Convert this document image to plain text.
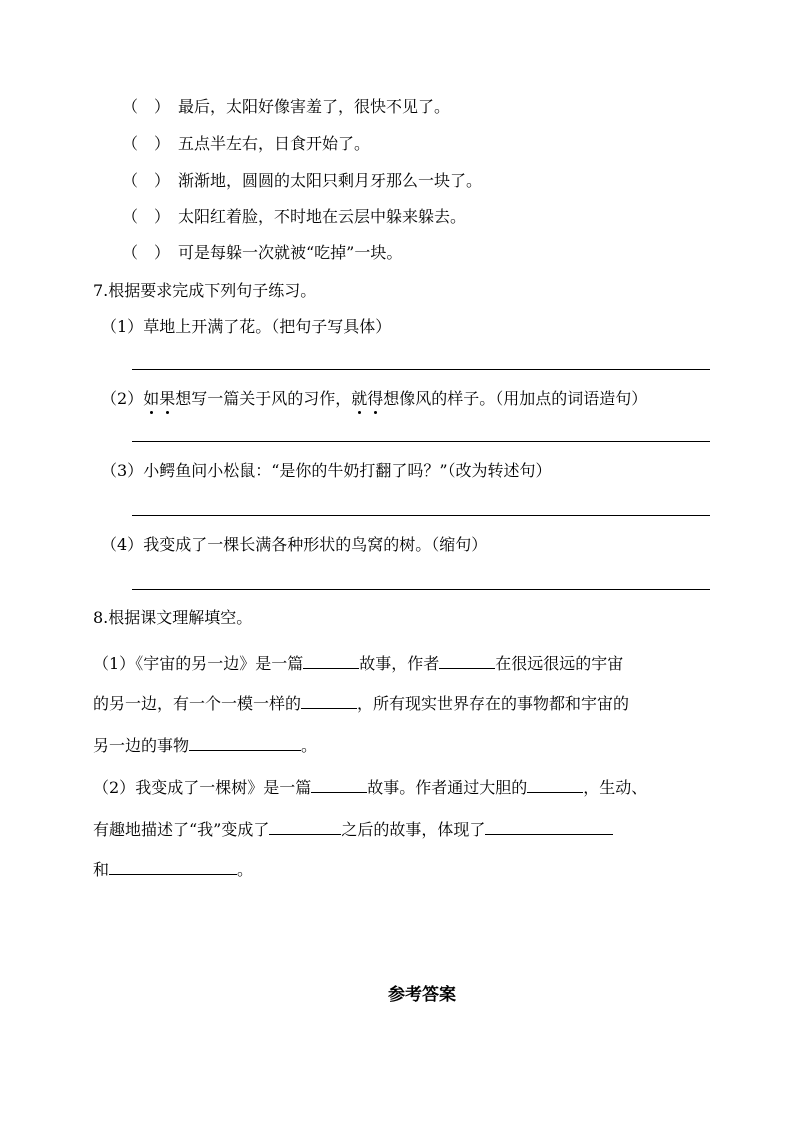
（　） 最后，太阳好像害羞了，很快不见了。
（　） 五点半左右，日食开始了。
（　） 渐渐地，圆圆的太阳只剩月牙那么一块了。
（　） 太阳红着脸，不时地在云层中躲来躲去。
（　） 可是每躲一次就被“吃掉”一块。
7.根据要求完成下列句子练习。
（1）草地上开满了花。（把句子写具体）
（2）如果想写一篇关于风的习作，就得想像风的样子。（用加点的词语造句）
（3）小鳄鱼问小松鼠：“是你的牛奶打翻了吗？”（改为转述句）
（4）我变成了一棵长满各种形状的鸟窝的树。（缩句）
8.根据课文理解填空。
（1）《宇宙的另一边》是一篇	故事，作者	在很远很远的宇宙
的另一边，有一个一模一样的	，所有现实世界存在的事物都和宇宙的
另一边的事物	。
（2）我变成了一棵树》是一篇	故事。作者通过大胆的	，生动、
有趣地描述了“我”变成了	之后的故事，体现了
和	。
参考答案
